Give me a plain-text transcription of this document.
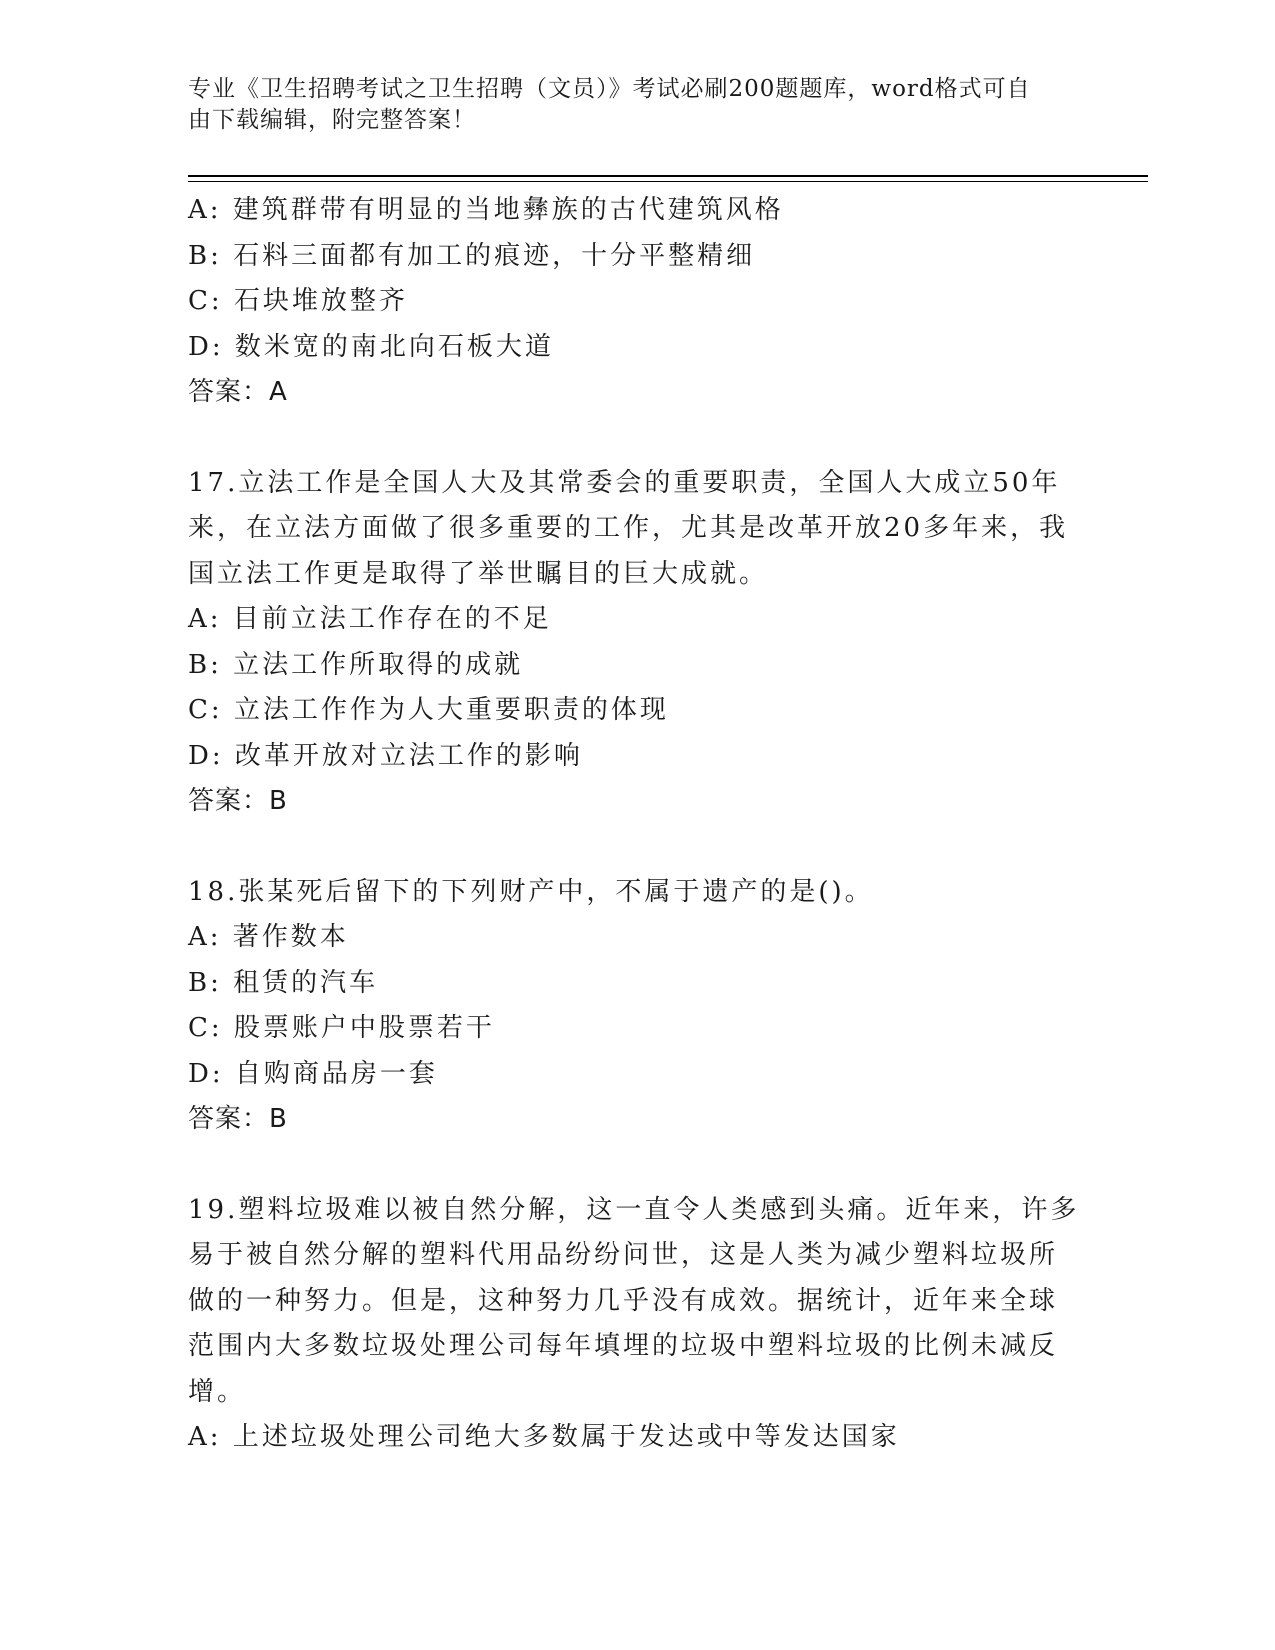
专业《卫生招聘考试之卫生招聘（文员）》考试必刷200题题库，word格式可自
由下载编辑，附完整答案！
A: 建筑群带有明显的当地彝族的古代建筑风格
B: 石料三面都有加工的痕迹，十分平整精细
C: 石块堆放整齐
D: 数米宽的南北向石板大道
答案：A
17.立法工作是全国人大及其常委会的重要职责，全国人大成立50年
来，在立法方面做了很多重要的工作，尤其是改革开放20多年来，我
国立法工作更是取得了举世瞩目的巨大成就。
A: 目前立法工作存在的不足
B: 立法工作所取得的成就
C: 立法工作作为人大重要职责的体现
D: 改革开放对立法工作的影响
答案：B
18.张某死后留下的下列财产中，不属于遗产的是()。
A: 著作数本
B: 租赁的汽车
C: 股票账户中股票若干
D: 自购商品房一套
答案：B
19.塑料垃圾难以被自然分解，这一直令人类感到头痛。近年来，许多
易于被自然分解的塑料代用品纷纷问世，这是人类为减少塑料垃圾所
做的一种努力。但是，这种努力几乎没有成效。据统计，近年来全球
范围内大多数垃圾处理公司每年填埋的垃圾中塑料垃圾的比例未减反
增。
A: 上述垃圾处理公司绝大多数属于发达或中等发达国家
